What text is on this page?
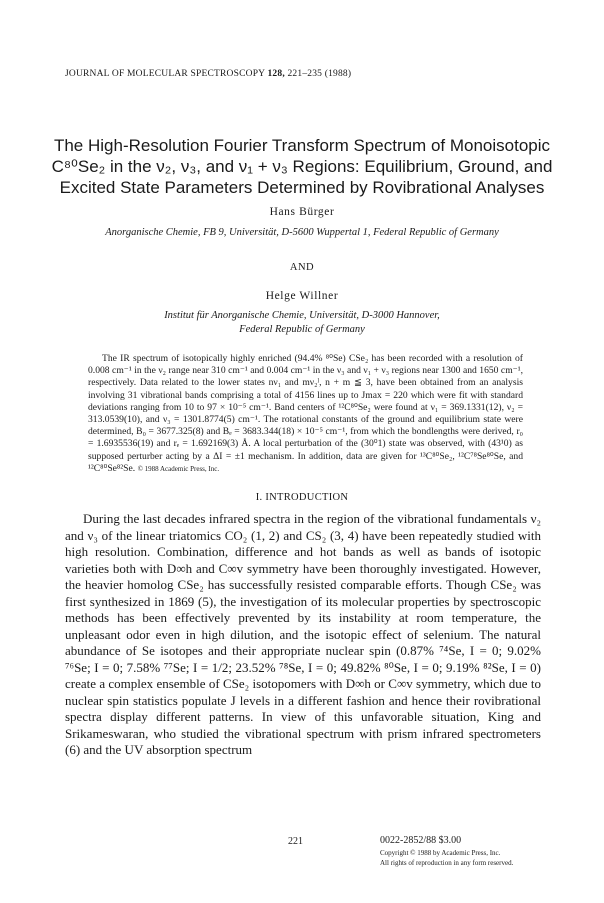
JOURNAL OF MOLECULAR SPECTROSCOPY 128, 221–235 (1988)
The High-Resolution Fourier Transform Spectrum of Monoisotopic
C⁸⁰Se₂ in the ν₂, ν₃, and ν₁ + ν₃ Regions: Equilibrium, Ground, and
Excited State Parameters Determined by Rovibrational Analyses
Hans Bürger
Anorganische Chemie, FB 9, Universität, D-5600 Wuppertal 1, Federal Republic of Germany
AND
Helge Willner
Institut für Anorganische Chemie, Universität, D-3000 Hannover,
Federal Republic of Germany

The IR spectrum of isotopically highly enriched (94.4% ⁸⁰Se) CSe₂ has been recorded with a resolution of 0.008 cm⁻¹ in the ν₂ range near 310 cm⁻¹ and 0.004 cm⁻¹ in the ν₃ and ν₁ + ν₃ regions near 1300 and 1650 cm⁻¹, respectively. Data related to the lower states nν₁ and mν₂ˡ, n + m ≦ 3, have been obtained from an analysis involving 31 vibrational bands comprising a total of 4156 lines up to Jmax = 220 which were fit with standard deviations ranging from 10 to 97 × 10⁻⁵ cm⁻¹. Band centers of ¹²C⁸⁰Se₂ were found at ν₁ = 369.1331(12), ν₂ = 313.0539(10), and ν₃ = 1301.8774(5) cm⁻¹. The rotational constants of the ground and equilibrium state were determined, B₀ = 3677.325(8) and Bₑ = 3683.344(18) × 10⁻⁵ cm⁻¹, from which the bondlengths were derived, r₀ = 1.6935536(19) and rₑ = 1.692169(3) Å. A local perturbation of the (30⁰1) state was observed, with (43¹0) as supposed perturber acting by a ΔI = ±1 mechanism. In addition, data are given for ¹³C⁸⁰Se₂, ¹²C⁷⁸Se⁸⁰Se, and ¹²C⁸⁰Se⁸²Se. © 1988 Academic Press, Inc.

I. INTRODUCTION

During the last decades infrared spectra in the region of the vibrational fundamentals ν₂ and ν₃ of the linear triatomics CO₂ (1, 2) and CS₂ (3, 4) have been repeatedly studied with high resolution. Combination, difference and hot bands as well as bands of isotopic varieties both with D∞h and C∞v symmetry have been thoroughly investigated. However, the heavier homolog CSe₂ has successfully resisted comparable efforts. Though CSe₂ was first synthesized in 1869 (5), the investigation of its molecular properties by spectroscopic methods has been effectively prevented by its instability at room temperature, the unpleasant odor even in high dilution, and the isotopic effect of selenium. The natural abundance of Se isotopes and their appropriate nuclear spin (0.87% ⁷⁴Se, I = 0; 9.02% ⁷⁶Se; I = 0; 7.58% ⁷⁷Se; I = 1/2; 23.52% ⁷⁸Se, I = 0; 49.82% ⁸⁰Se, I = 0; 9.19% ⁸²Se, I = 0) create a complex ensemble of CSe₂ isotopomers with D∞h or C∞v symmetry, which due to nuclear spin statistics populate J levels in a different fashion and hence their rovibrational spectra display different patterns. In view of this unfavorable situation, King and Srikameswaran, who studied the vibrational spectrum with prism infrared spectrometers (6) and the UV absorption spectrum

221	0022-2852/88 $3.00
Copyright © 1988 by Academic Press, Inc.
All rights of reproduction in any form reserved.
